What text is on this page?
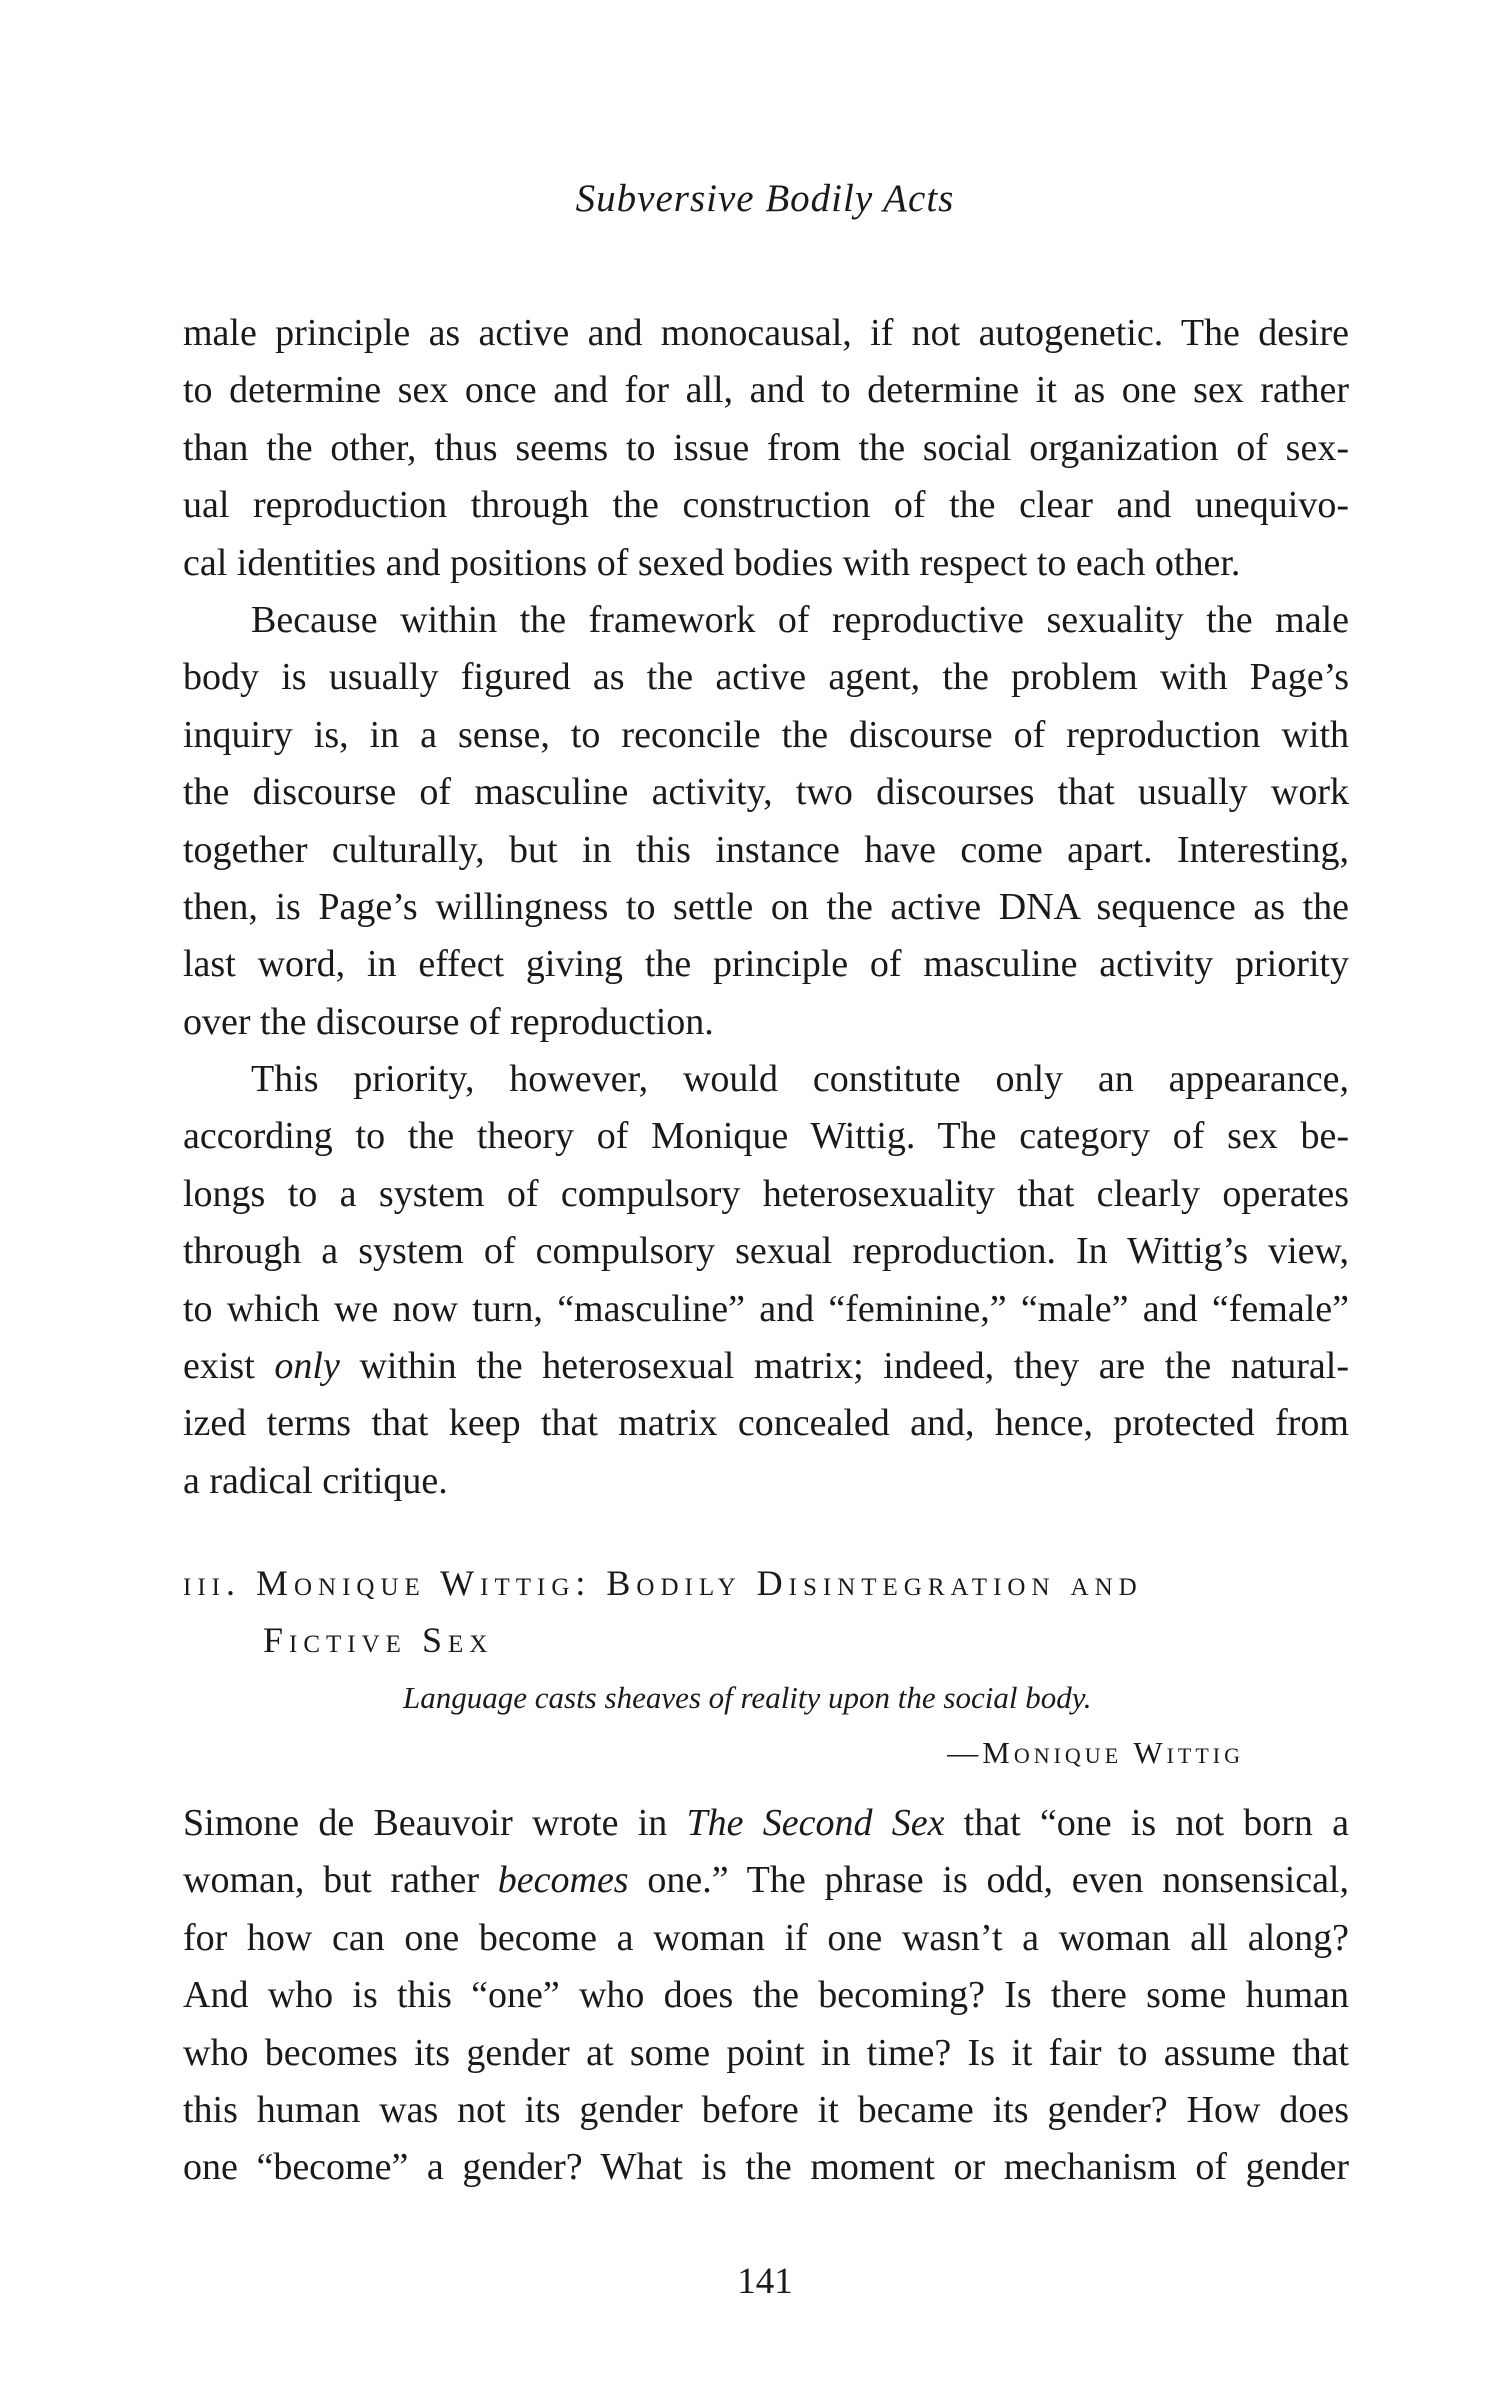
Subversive Bodily Acts
male principle as active and monocausal, if not autogenetic. The desire
to determine sex once and for all, and to determine it as one sex rather
than the other, thus seems to issue from the social organization of sex-
ual reproduction through the construction of the clear and unequivo-
cal identities and positions of sexed bodies with respect to each other.
Because within the framework of reproductive sexuality the male
body is usually figured as the active agent, the problem with Page’s
inquiry is, in a sense, to reconcile the discourse of reproduction with
the discourse of masculine activity, two discourses that usually work
together culturally, but in this instance have come apart. Interesting,
then, is Page’s willingness to settle on the active DNA sequence as the
last word, in effect giving the principle of masculine activity priority
over the discourse of reproduction.
This priority, however, would constitute only an appearance,
according to the theory of Monique Wittig. The category of sex be-
longs to a system of compulsory heterosexuality that clearly operates
through a system of compulsory sexual reproduction. In Wittig’s view,
to which we now turn, “masculine” and “feminine,” “male” and “female”
exist only within the heterosexual matrix; indeed, they are the natural-
ized terms that keep that matrix concealed and, hence, protected from
a radical critique.
iii. Monique Wittig: Bodily Disintegration and
Fictive Sex
Language casts sheaves of reality upon the social body.
—Monique Wittig
Simone de Beauvoir wrote in The Second Sex that “one is not born a
woman, but rather becomes one.” The phrase is odd, even nonsensical,
for how can one become a woman if one wasn’t a woman all along?
And who is this “one” who does the becoming? Is there some human
who becomes its gender at some point in time? Is it fair to assume that
this human was not its gender before it became its gender? How does
one “become” a gender? What is the moment or mechanism of gender
141
